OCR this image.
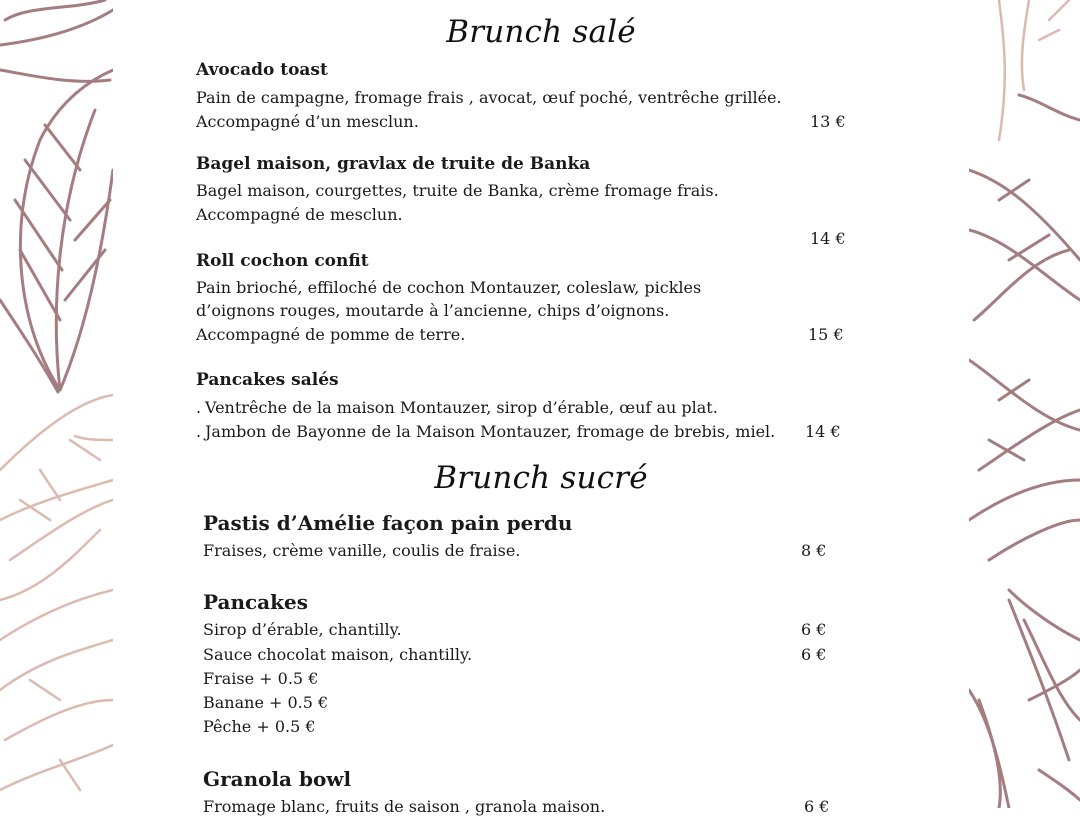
Brunch salé
Avocado toast
Pain de campagne, fromage frais , avocat, œuf poché, ventrêche grillée.
Accompagné d’un mesclun.	13 €
Bagel maison, gravlax de truite de Banka
Bagel maison, courgettes, truite de Banka, crème fromage frais.
Accompagné de mesclun.
14 €
Roll cochon confit
Pain brioché, effiloché de cochon Montauzer, coleslaw, pickles
d’oignons rouges, moutarde à l’ancienne, chips d’oignons.
Accompagné de pomme de terre.	15 €
Pancakes salés
. Ventrêche de la maison Montauzer, sirop d’érable, œuf au plat.
. Jambon de Bayonne de la Maison Montauzer, fromage de brebis, miel. 14 €
Brunch sucré
Pastis d’Amélie façon pain perdu
Fraises, crème vanille, coulis de fraise.	8 €
Pancakes
Sirop d’érable, chantilly.	6 €
Sauce chocolat maison, chantilly.	6 €
Fraise + 0.5 €
Banane + 0.5 €
Pêche + 0.5 €
Granola bowl
Fromage blanc, fruits de saison , granola maison.	6 €
